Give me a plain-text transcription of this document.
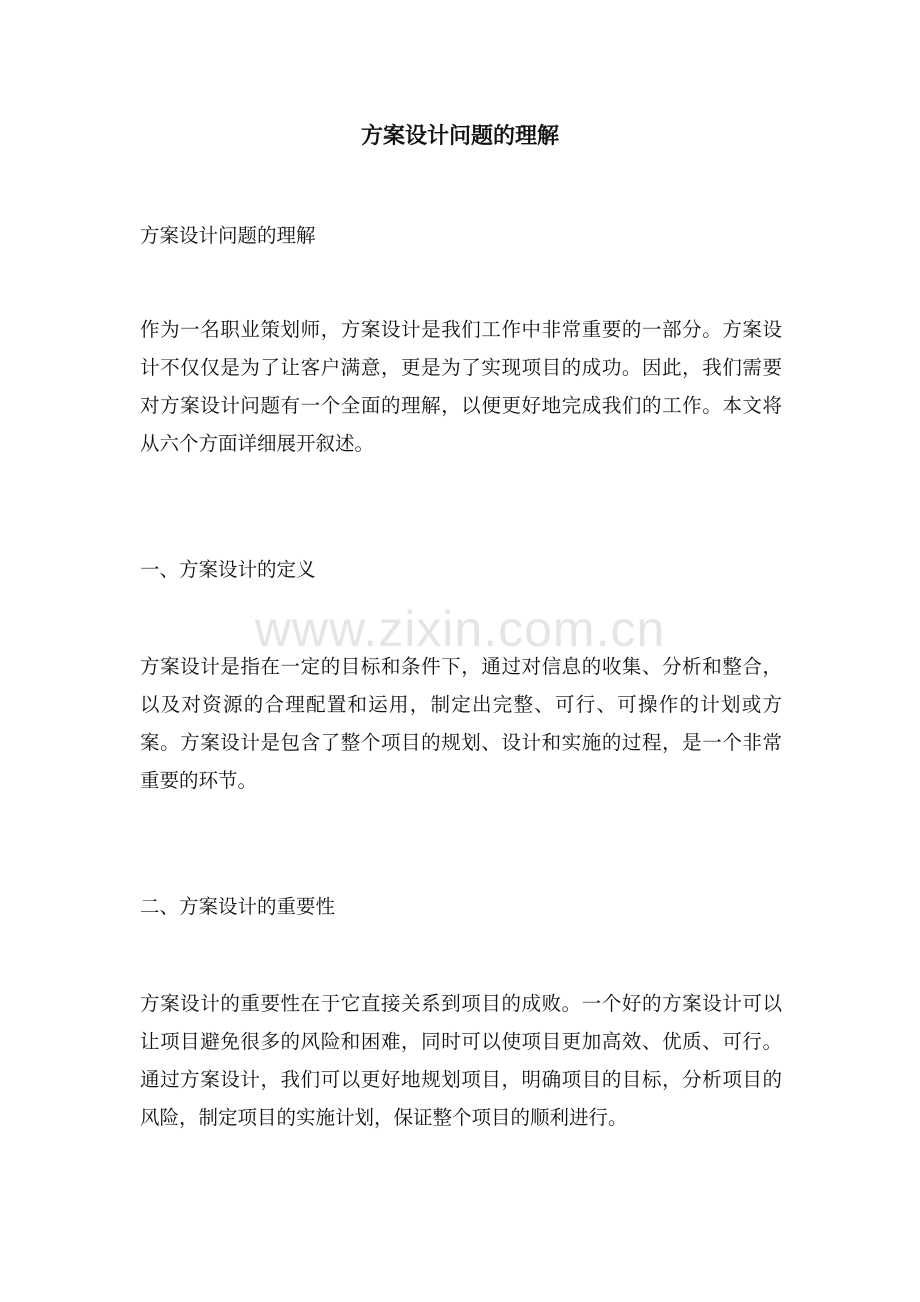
方案设计问题的理解

方案设计问题的理解

作为一名职业策划师，方案设计是我们工作中非常重要的一部分。方案设计不仅仅是为了让客户满意，更是为了实现项目的成功。因此，我们需要对方案设计问题有一个全面的理解，以便更好地完成我们的工作。本文将从六个方面详细展开叙述。

一、方案设计的定义

方案设计是指在一定的目标和条件下，通过对信息的收集、分析和整合，以及对资源的合理配置和运用，制定出完整、可行、可操作的计划或方案。方案设计是包含了整个项目的规划、设计和实施的过程，是一个非常重要的环节。

二、方案设计的重要性

方案设计的重要性在于它直接关系到项目的成败。一个好的方案设计可以让项目避免很多的风险和困难，同时可以使项目更加高效、优质、可行。通过方案设计，我们可以更好地规划项目，明确项目的目标，分析项目的风险，制定项目的实施计划，保证整个项目的顺利进行。

www.zixin.com.cn
